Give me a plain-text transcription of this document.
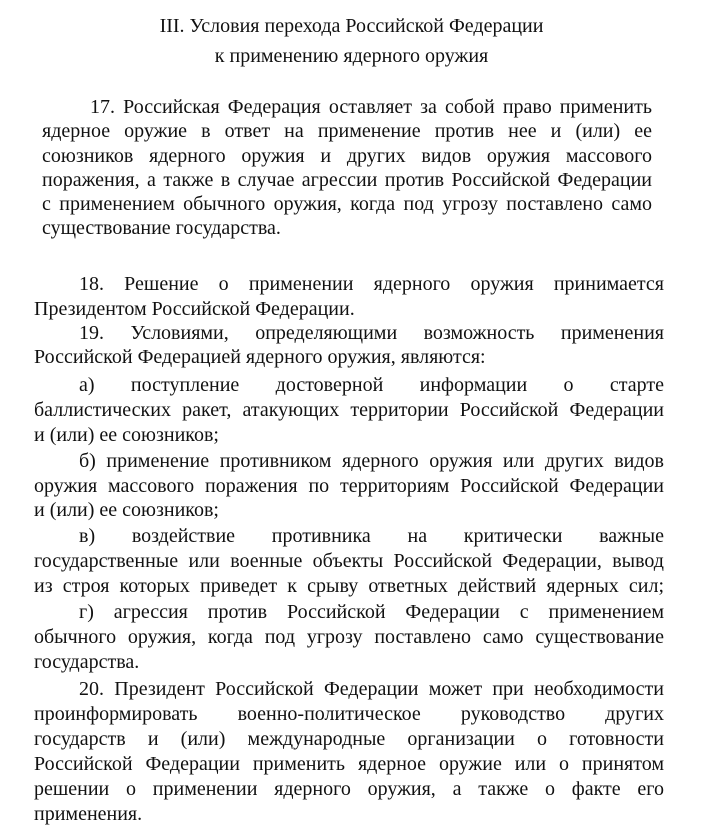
III. Условия перехода Российской Федерации
к применению ядерного оружия
17. Российская Федерация оставляет за собой право применить
ядерное оружие в ответ на применение против нее и (или) ее
союзников ядерного оружия и других видов оружия массового
поражения, а также в случае агрессии против Российской Федерации
с применением обычного оружия, когда под угрозу поставлено само
существование государства.
18. Решение о применении ядерного оружия принимается
Президентом Российской Федерации.
19. Условиями, определяющими возможность применения
Российской Федерацией ядерного оружия, являются:
а) поступление достоверной информации о старте
баллистических ракет, атакующих территории Российской Федерации
и (или) ее союзников;
б) применение противником ядерного оружия или других видов
оружия массового поражения по территориям Российской Федерации
и (или) ее союзников;
в) воздействие противника на критически важные
государственные или военные объекты Российской Федерации, вывод
из строя которых приведет к срыву ответных действий ядерных сил;
г) агрессия против Российской Федерации с применением
обычного оружия, когда под угрозу поставлено само существование
государства.
20. Президент Российской Федерации может при необходимости
проинформировать военно-политическое руководство других
государств и (или) международные организации о готовности
Российской Федерации применить ядерное оружие или о принятом
решении о применении ядерного оружия, а также о факте его
применения.
